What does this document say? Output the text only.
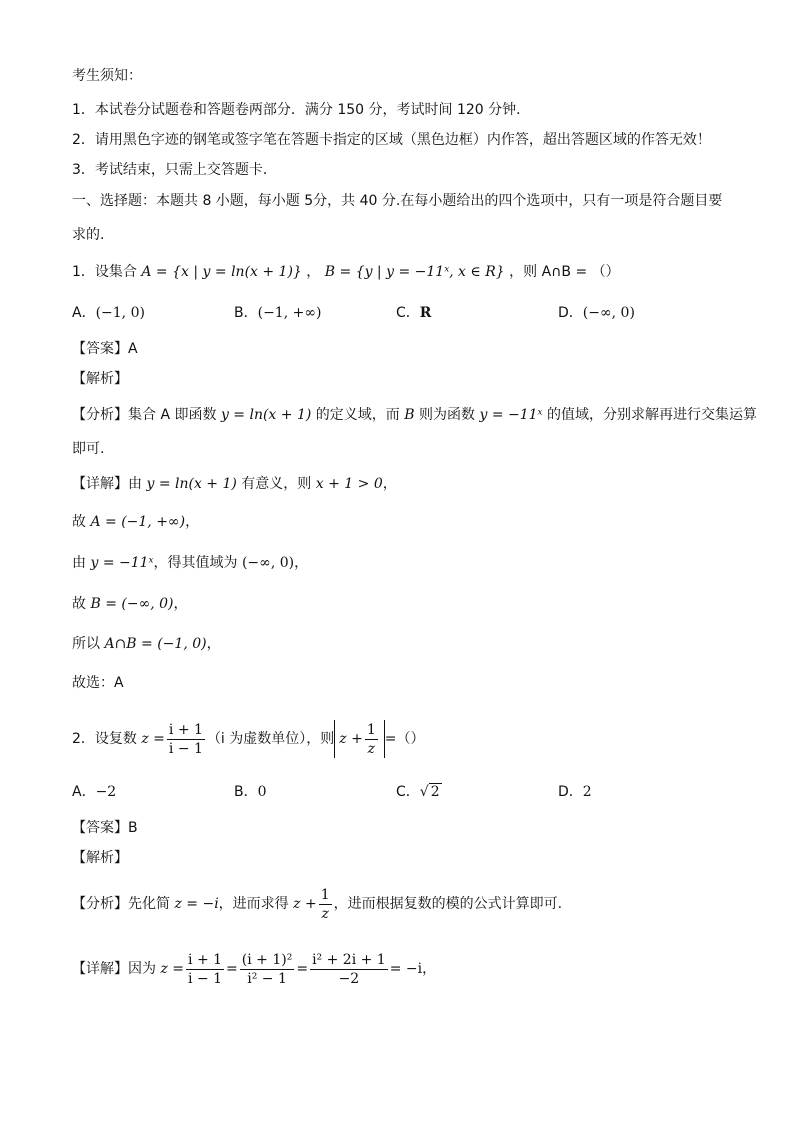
考生须知：
1．本试卷分试题卷和答题卷两部分．满分 150 分，考试时间 120 分钟．
2．请用黑色字迹的钢笔或签字笔在答题卡指定的区域（黑色边框）内作答，超出答题区域的作答无效！
3．考试结束，只需上交答题卡．
一、选择题：本题共 8 小题，每小题 5分，共 40 分.在每小题给出的四个选项中，只有一项是符合题目要
求的.
1．设集合 A = {x | y = ln(x + 1)} ， B = {y | y = −11ˣ, x ∈ R} ，则 A∩B = （）
A．(−1, 0)	B．(−1, +∞)	C．R	D．(−∞, 0)
【答案】A
【解析】
【分析】集合 A 即函数 y = ln(x + 1) 的定义域，而 B 则为函数 y = −11ˣ 的值域，分别求解再进行交集运算
即可.
【详解】由 y = ln(x + 1) 有意义，则 x + 1 > 0，
故 A = (−1, +∞)，
由 y = −11ˣ，得其值域为 (−∞, 0)，
故 B = (−∞, 0)，
所以 A∩B = (−1, 0)，
故选：A
2．设复数 $z = \frac{i + 1}{i - 1} (i$ 为虚数单位），则 $z + \frac{1}{z}$ =（）
A．−2	B．0	C．√ 2	D．2
【答案】B
【解析】
【分析】先化简 z = −i，进而求得 $z + \frac{1}{z}$ ，进而根据复数的模的公式计算即可.
【详解】因为 $z = \frac{i + 1}{i - 1} = \frac{\text{(i + 1)²}}{\text{i² − 1}} = \frac{\text{i² + 2i + 1}}{-2} = -i$，
